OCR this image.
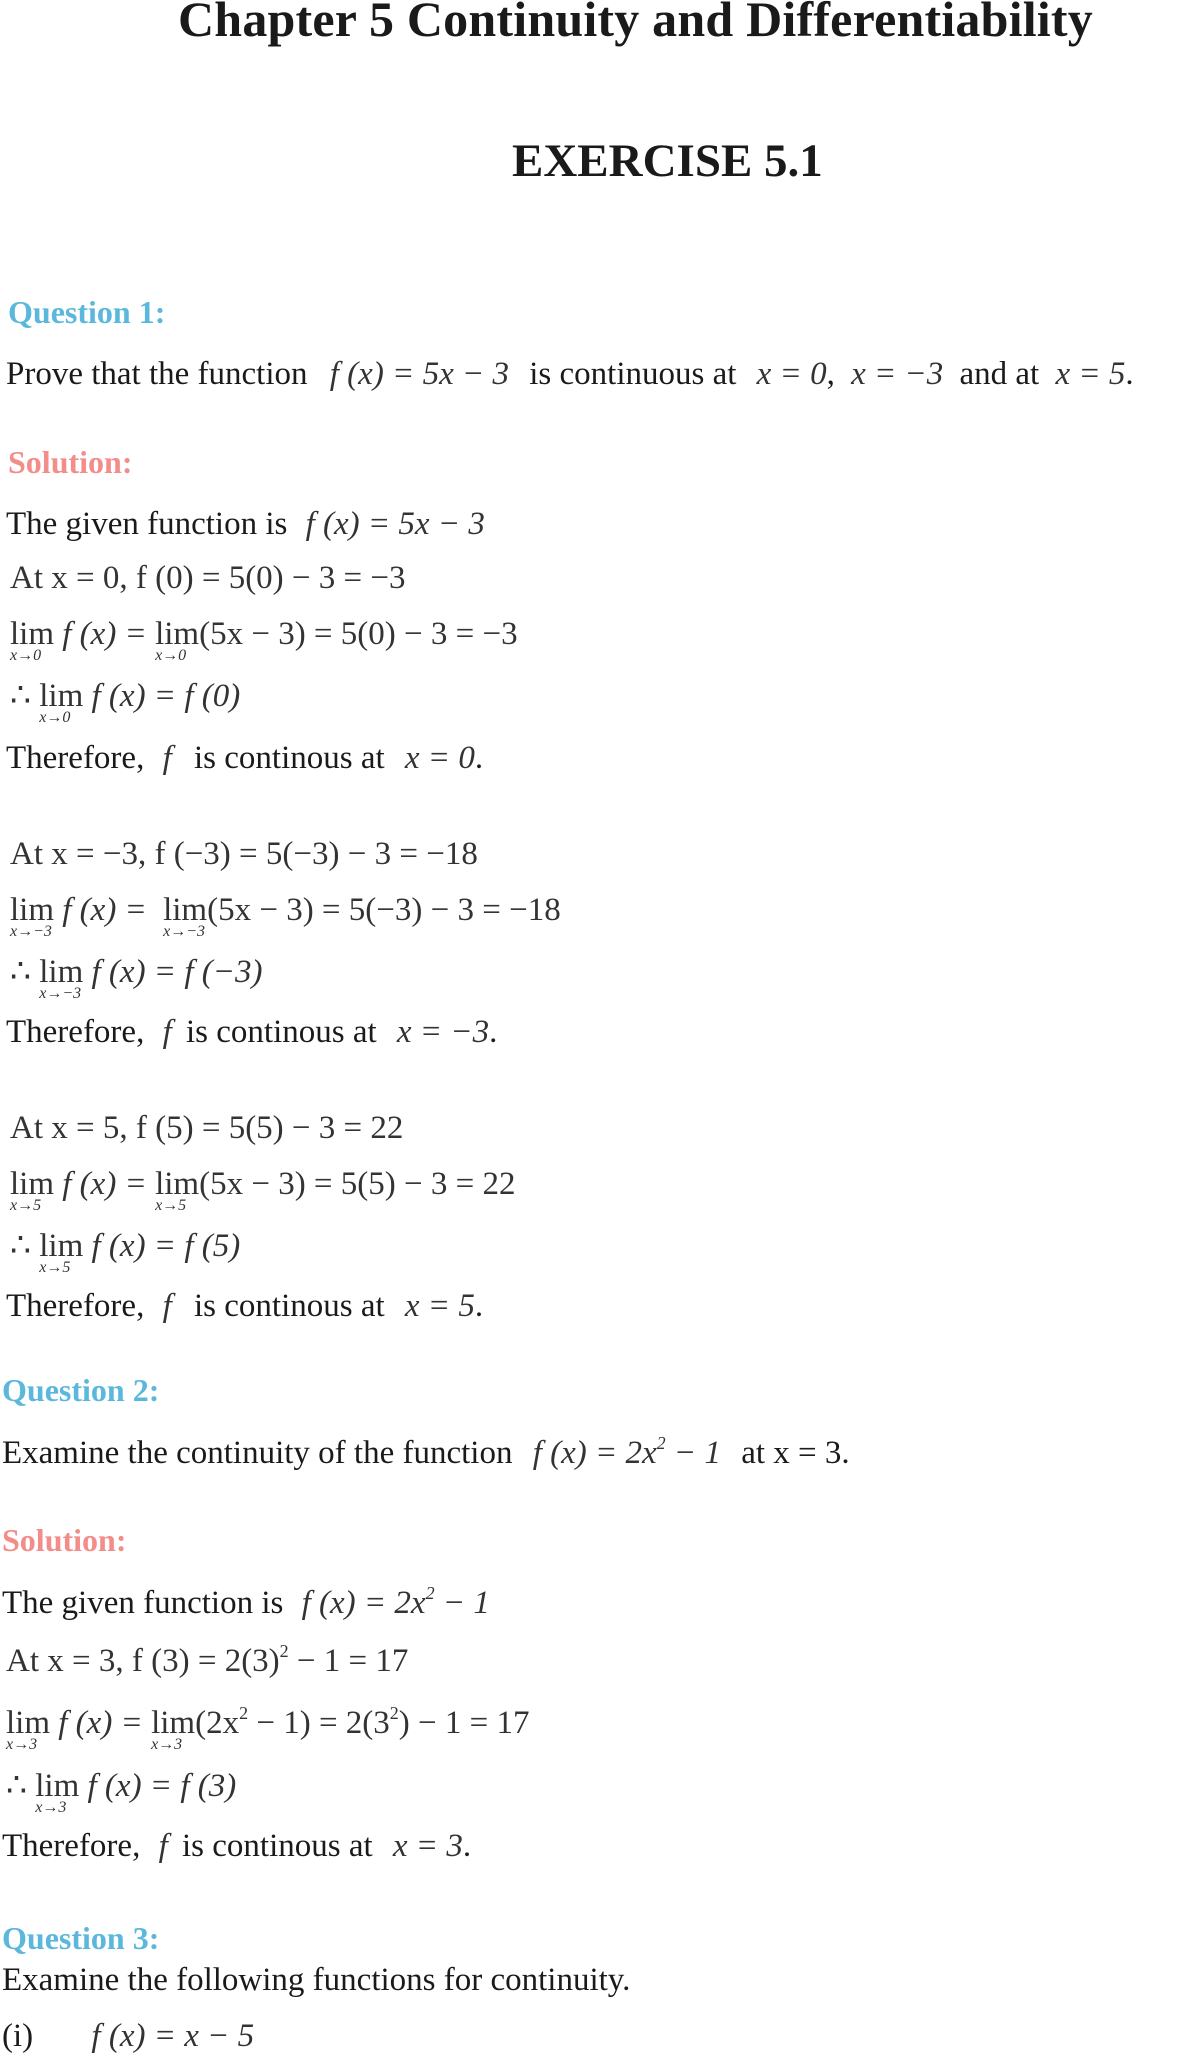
Chapter 5 Continuity and Differentiability
EXERCISE 5.1
Question 1:
Prove that the function f (x) = 5x − 3 is continuous at x = 0, x = −3 and at x = 5.
Solution:
The given function is f (x) = 5x − 3
At x = 0, f (0) = 5(0) − 3 = −3
lim
x→0
f (x) = lim
x→0
(5x − 3) = 5(0) − 3 = −3
∴ lim
x→0
f (x) = f (0)
Therefore, f is continous at x = 0.
At x = −3, f (−3) = 5(−3) − 3 = −18
lim
x→−3
f (x) = lim
x→−3
(5x − 3) = 5(−3) − 3 = −18
∴ lim
x→−3
f (x) = f (−3)
Therefore, f is continous at x = −3.
At x = 5, f (5) = 5(5) − 3 = 22
lim
x→5
f (x) = lim
x→5
(5x − 3) = 5(5) − 3 = 22
∴ lim
x→5
f (x) = f (5)
Therefore, f is continous at x = 5.
Question 2:
Examine the continuity of the function f $(x) = 2x^2 - 1$ at x = 3.
Solution:
The given function is f $(x) = 2x^2 - 1$
At x = 3, f $(3) = 2(3)^2 - 1 = 17$
lim
x→3
f (x) = lim
x→3
$(2x^2 - 1) = 2(3^2) - 1 = 17$
∴ lim
x→3
f (x) = f (3)
Therefore, f is continous at x = 3.
Question 3:
Examine the following functions for continuity.
(i) f (x) = x − 5
